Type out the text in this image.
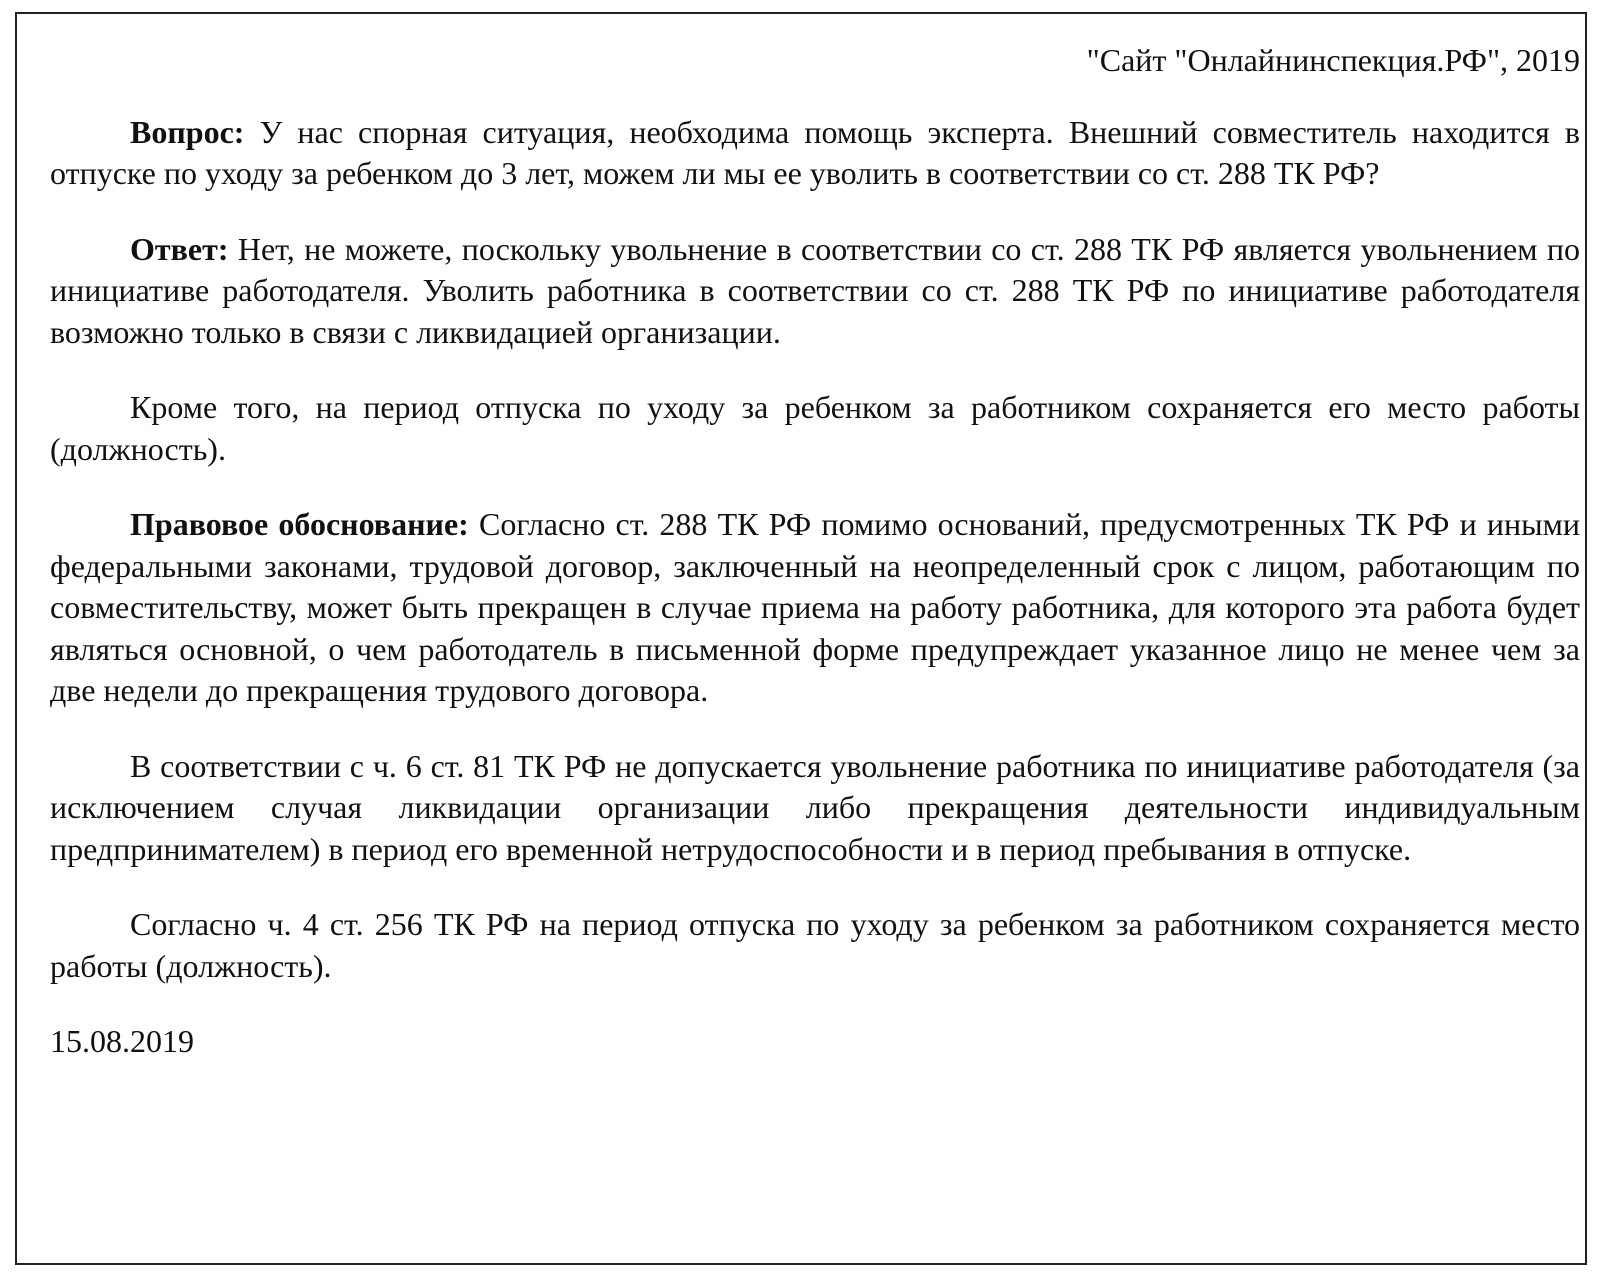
"Сайт "Онлайнинспекция.РФ", 2019

Вопрос: У нас спорная ситуация, необходима помощь эксперта. Внешний совместитель находится в отпуске по уходу за ребенком до 3 лет, можем ли мы ее уволить в соответствии со ст. 288 ТК РФ?

Ответ: Нет, не можете, поскольку увольнение в соответствии со ст. 288 ТК РФ является увольнением по инициативе работодателя. Уволить работника в соответствии со ст. 288 ТК РФ по инициативе работодателя возможно только в связи с ликвидацией организации.

Кроме того, на период отпуска по уходу за ребенком за работником сохраняется его место работы (должность).

Правовое обоснование: Согласно ст. 288 ТК РФ помимо оснований, предусмотренных ТК РФ и иными федеральными законами, трудовой договор, заключенный на неопределенный срок с лицом, работающим по совместительству, может быть прекращен в случае приема на работу работника, для которого эта работа будет являться основной, о чем работодатель в письменной форме предупреждает указанное лицо не менее чем за две недели до прекращения трудового договора.

В соответствии с ч. 6 ст. 81 ТК РФ не допускается увольнение работника по инициативе работодателя (за исключением случая ликвидации организации либо прекращения деятельности индивидуальным предпринимателем) в период его временной нетрудоспособности и в период пребывания в отпуске.

Согласно ч. 4 ст. 256 ТК РФ на период отпуска по уходу за ребенком за работником сохраняется место работы (должность).

15.08.2019
